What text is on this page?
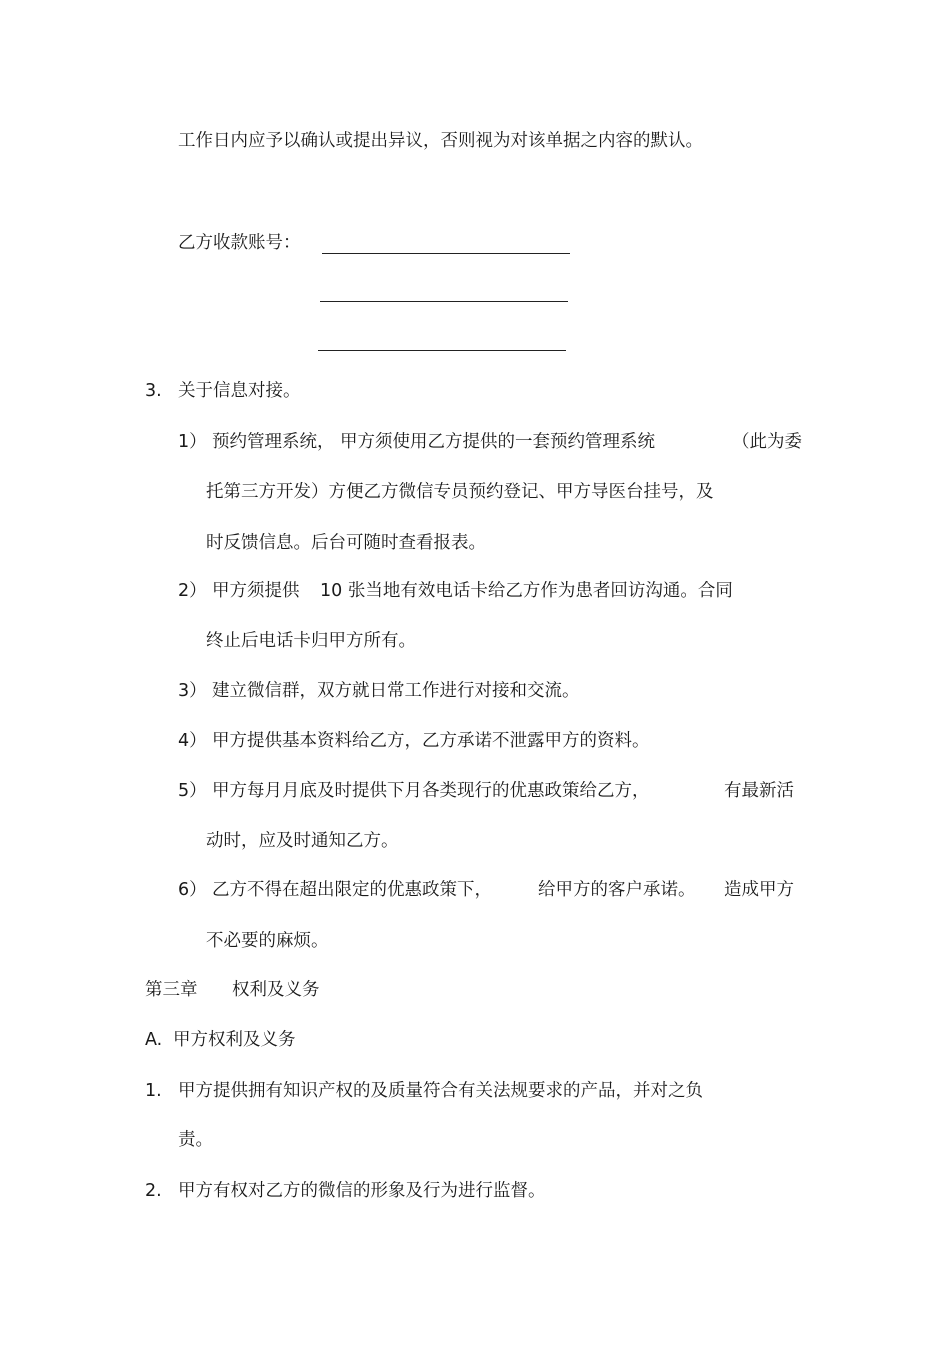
工作日内应予以确认或提出异议，否则视为对该单据之内容的默认。
乙方收款账号：
3. 关于信息对接。
1） 预约管理系统， 甲方须使用乙方提供的一套预约管理系统	（此为委
托第三方开发）方便乙方微信专员预约登记、甲方导医台挂号，及
时反馈信息。后台可随时查看报表。
2） 甲方须提供 10 张当地有效电话卡给乙方作为患者回访沟通。合同
终止后电话卡归甲方所有。
3） 建立微信群，双方就日常工作进行对接和交流。
4） 甲方提供基本资料给乙方，乙方承诺不泄露甲方的资料。
5） 甲方每月月底及时提供下月各类现行的优惠政策给乙方，	有最新活
动时，应及时通知乙方。
6） 乙方不得在超出限定的优惠政策下，	给甲方的客户承诺。 造成甲方
不必要的麻烦。
第三章 权利及义务
A. 甲方权利及义务
1. 甲方提供拥有知识产权的及质量符合有关法规要求的产品，并对之负
责。
2. 甲方有权对乙方的微信的形象及行为进行监督。
